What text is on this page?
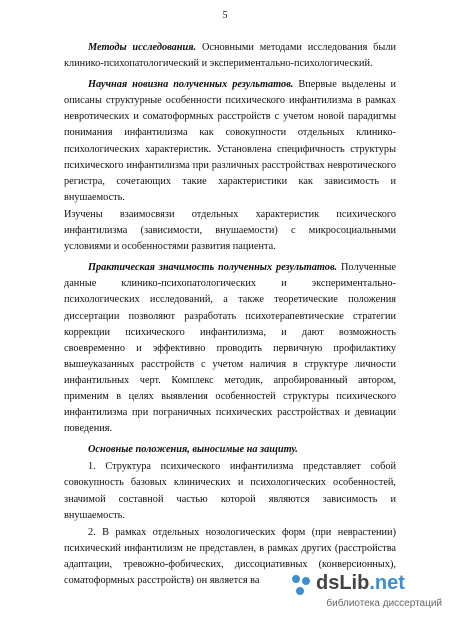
5

Методы исследования. Основными методами исследования были клинико-психопатологический и экспериментально-психологический.

Научная новизна полученных результатов. Впервые выделены и описаны структурные особенности психического инфантилизма в рамках невротических и соматоформных расстройств с учетом новой парадигмы понимания инфантилизма как совокупности отдельных клинико-психологических характеристик. Установлена специфичность структуры психического инфантилизма при различных расстройствах невротического регистра, сочетающих такие характеристики как зависимость и внушаемость.

Изучены взаимосвязи отдельных характеристик психического инфантилизма (зависимости, внушаемости) с микросоциальными условиями и особенностями развития пациента.

Практическая значимость полученных результатов. Полученные данные клинико-психопатологических и экспериментально-психологических исследований, а также теоретические положения диссертации позволяют разработать психотерапевтические стратегии коррекции психического инфантилизма, и дают возможность своевременно и эффективно проводить первичную профилактику вышеуказанных расстройств с учетом наличия в структуре личности инфантильных черт. Комплекс методик, апробированный автором, применим в целях выявления особенностей структуры психического инфантилизма при пограничных психических расстройствах и девиации поведения.

Основные положения, выносимые на защиту.

1. Структура психического инфантилизма представляет собой совокупность базовых клинических и психологических особенностей, значимой составной частью которой являются зависимость и внушаемость.

2. В рамках отдельных нозологических форм (при неврастении) психический инфантилизм не представлен, в рамках других (расстройства адаптации, тревожно-фобических, диссоциативных (конверсионных), соматоформных расстройств) он является ва	dsLib.net
библиотека диссертаций
